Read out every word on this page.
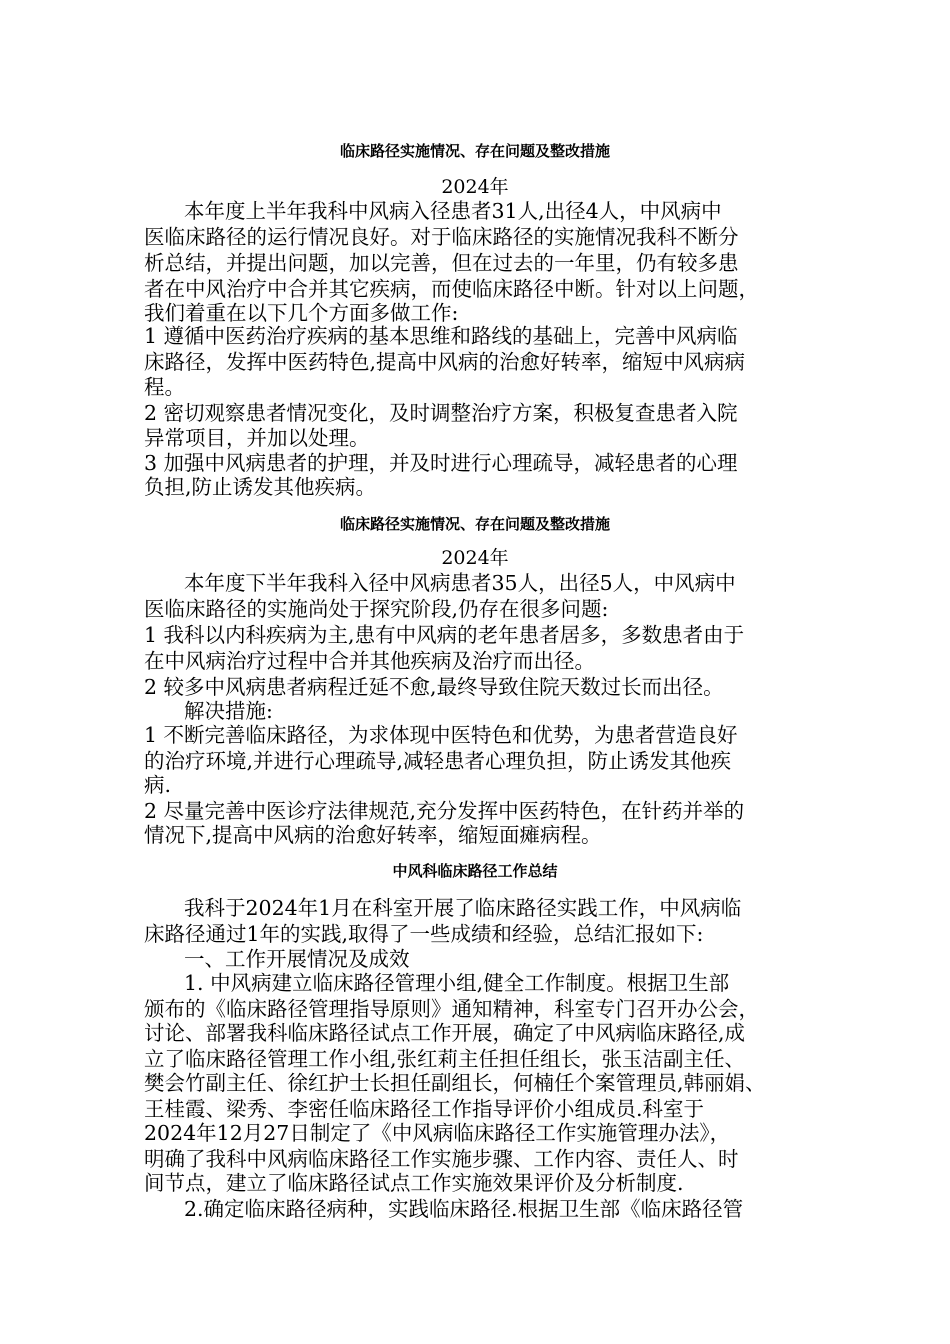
临床路径实施情况、存在问题及整改措施
2024年
本年度上半年我科中风病入径患者31人,出径4人，中风病中
医临床路径的运行情况良好。对于临床路径的实施情况我科不断分
析总结，并提出问题，加以完善，但在过去的一年里，仍有较多患
者在中风治疗中合并其它疾病，而使临床路径中断。针对以上问题，
我们着重在以下几个方面多做工作:
1 遵循中医药治疗疾病的基本思维和路线的基础上，完善中风病临
床路径，发挥中医药特色,提高中风病的治愈好转率，缩短中风病病
程。
2 密切观察患者情况变化，及时调整治疗方案，积极复查患者入院
异常项目，并加以处理。
3 加强中风病患者的护理，并及时进行心理疏导，减轻患者的心理
负担,防止诱发其他疾病。
临床路径实施情况、存在问题及整改措施
2024年
本年度下半年我科入径中风病患者35人，出径5人，中风病中
医临床路径的实施尚处于探究阶段,仍存在很多问题:
1 我科以内科疾病为主,患有中风病的老年患者居多，多数患者由于
在中风病治疗过程中合并其他疾病及治疗而出径。
2 较多中风病患者病程迁延不愈,最终导致住院天数过长而出径。
解决措施:
1 不断完善临床路径，为求体现中医特色和优势，为患者营造良好
的治疗环境,并进行心理疏导,减轻患者心理负担，防止诱发其他疾
病.
2 尽量完善中医诊疗法律规范,充分发挥中医药特色，在针药并举的
情况下,提高中风病的治愈好转率，缩短面瘫病程。
中风科临床路径工作总结
我科于2024年1月在科室开展了临床路径实践工作，中风病临
床路径通过1年的实践,取得了一些成绩和经验，总结汇报如下:
一、工作开展情况及成效
1. 中风病建立临床路径管理小组,健全工作制度。根据卫生部
颁布的《临床路径管理指导原则》通知精神，科室专门召开办公会，
讨论、部署我科临床路径试点工作开展，确定了中风病临床路径,成
立了临床路径管理工作小组,张红莉主任担任组长，张玉洁副主任、
樊会竹副主任、徐红护士长担任副组长，何楠任个案管理员,韩丽娟、
王桂霞、梁秀、李密任临床路径工作指导评价小组成员.科室于
2024年12月27日制定了《中风病临床路径工作实施管理办法》，
明确了我科中风病临床路径工作实施步骤、工作内容、责任人、时
间节点，建立了临床路径试点工作实施效果评价及分析制度.
2.确定临床路径病种，实践临床路径.根据卫生部《临床路径管
